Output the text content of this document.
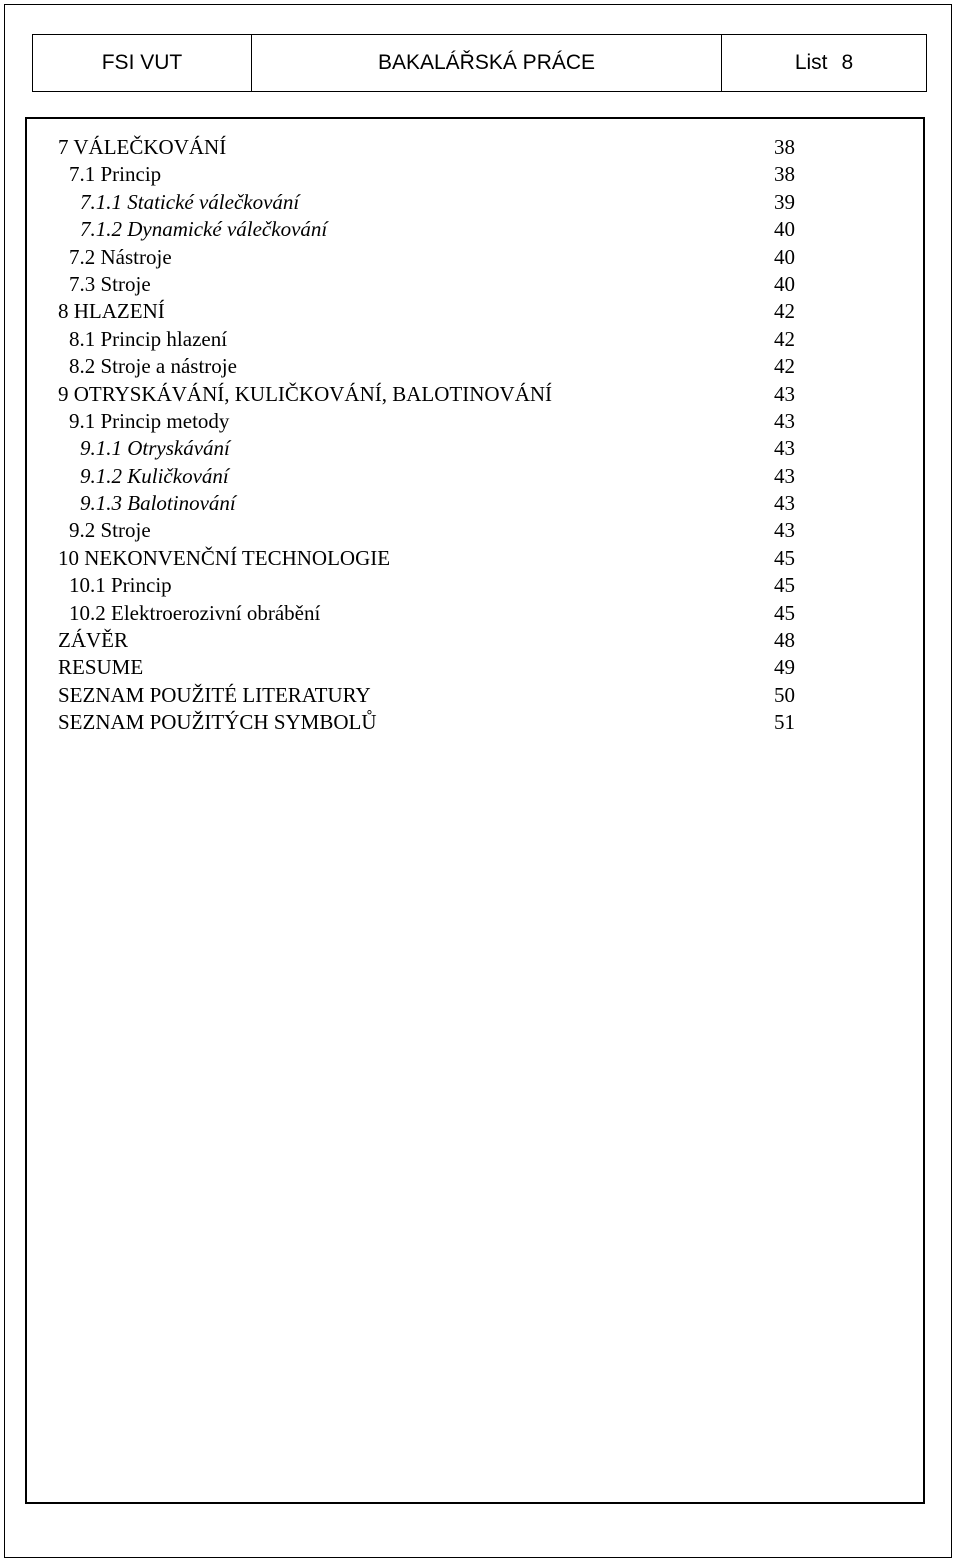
FSI VUT	BAKALÁŘSKÁ PRÁCE	List 8
7 VÁLEČKOVÁNÍ	38
7.1 Princip	38
7.1.1 Statické válečkování	39
7.1.2 Dynamické válečkování	40
7.2 Nástroje	40
7.3 Stroje	40
8 HLAZENÍ	42
8.1 Princip hlazení	42
8.2 Stroje a nástroje	42
9 OTRYSKÁVÁNÍ, KULIČKOVÁNÍ, BALOTINOVÁNÍ	43
9.1 Princip metody	43
9.1.1 Otryskávání	43
9.1.2 Kuličkování	43
9.1.3 Balotinování	43
9.2 Stroje	43
10 NEKONVENČNÍ TECHNOLOGIE	45
10.1 Princip	45
10.2 Elektroerozivní obrábění	45
ZÁVĚR	48
RESUME	49
SEZNAM POUŽITÉ LITERATURY	50
SEZNAM POUŽITÝCH SYMBOLŮ	51
